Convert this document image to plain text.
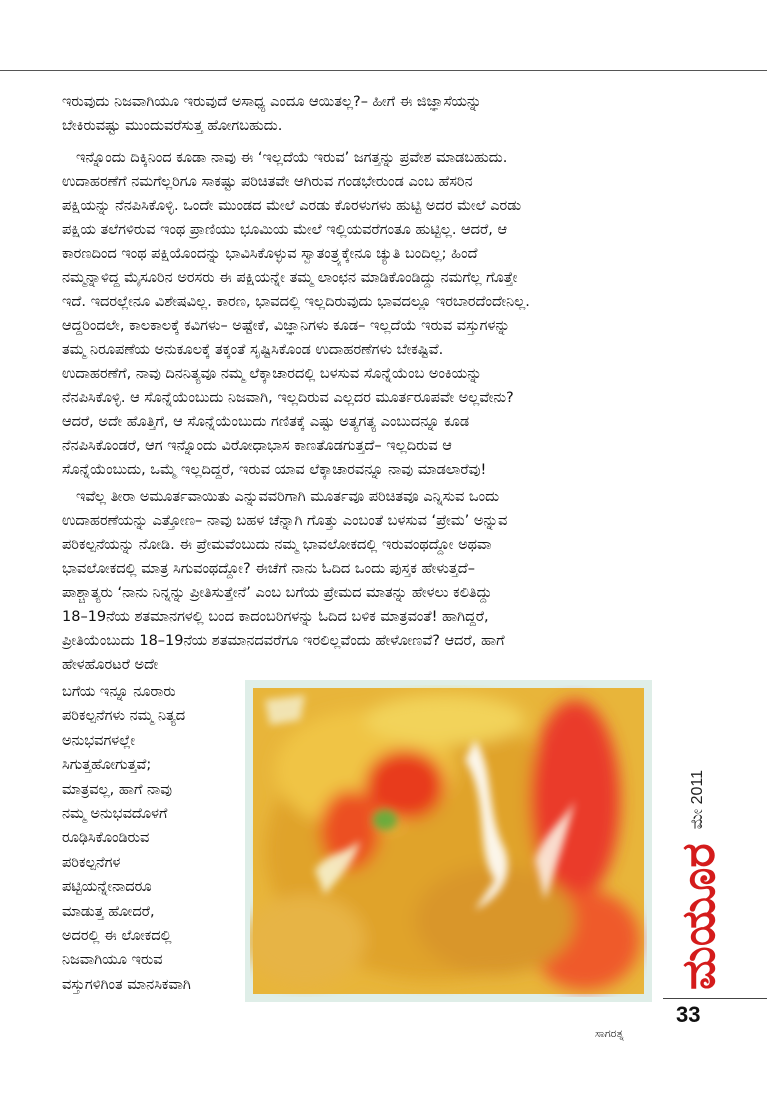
ಇರುವುದು ನಿಜವಾಗಿಯೂ ಇರುವುದೆ ಅಸಾಧ್ಯ ಎಂದೂ ಆಯಿತಲ್ಲ?– ಹೀಗೆ ಈ ಜಿಜ್ಞಾಸೆಯನ್ನು
ಬೇಕಿರುವಷ್ಟು ಮುಂದುವರೆಸುತ್ತ ಹೋಗಬಹುದು.
ಇನ್ನೊಂದು ದಿಕ್ಕಿನಿಂದ ಕೂಡಾ ನಾವು ಈ ‘ಇಲ್ಲದೆಯೆ ಇರುವ’ ಜಗತ್ತನ್ನು ಪ್ರವೇಶ ಮಾಡಬಹುದು.
ಉದಾಹರಣೆಗೆ ನಮಗೆಲ್ಲರಿಗೂ ಸಾಕಷ್ಟು ಪರಿಚಿತವೇ ಆಗಿರುವ ಗಂಡಭೇರುಂಡ ಎಂಬ ಹೆಸರಿನ
ಪಕ್ಷಿಯನ್ನು ನೆನಪಿಸಿಕೊಳ್ಳಿ. ಒಂದೇ ಮುಂಡದ ಮೇಲೆ ಎರಡು ಕೊರಳುಗಳು ಹುಟ್ಟಿ ಅದರ ಮೇಲೆ ಎರಡು
ಪಕ್ಷಿಯ ತಲೆಗಳಿರುವ ಇಂಥ ಪ್ರಾಣಿಯು ಭೂಮಿಯ ಮೇಲೆ ಇಲ್ಲಿಯವರೆಗಂತೂ ಹುಟ್ಟಿಲ್ಲ. ಆದರೆ, ಆ
ಕಾರಣದಿಂದ ಇಂಥ ಪಕ್ಷಿಯೊಂದನ್ನು ಭಾವಿಸಿಕೊಳ್ಳುವ ಸ್ವಾತಂತ್ರ್ಯಕ್ಕೇನೂ ಚ್ಯುತಿ ಬಂದಿಲ್ಲ; ಹಿಂದೆ
ನಮ್ಮನ್ನಾಳಿದ್ದ ಮೈಸೂರಿನ ಅರಸರು ಈ ಪಕ್ಷಿಯನ್ನೇ ತಮ್ಮ ಲಾಂಛನ ಮಾಡಿಕೊಂಡಿದ್ದು ನಮಗೆಲ್ಲ ಗೊತ್ತೇ
ಇದೆ. ಇದರಲ್ಲೇನೂ ವಿಶೇಷವಿಲ್ಲ. ಕಾರಣ, ಭಾವದಲ್ಲಿ ಇಲ್ಲದಿರುವುದು ಭಾವದಲ್ಲೂ ಇರಬಾರದೆಂದೇನಿಲ್ಲ.
ಆದ್ದರಿಂದಲೇ, ಕಾಲಕಾಲಕ್ಕೆ ಕವಿಗಳು– ಅಷ್ಟೇಕೆ, ವಿಜ್ಞಾನಿಗಳು ಕೂಡ– ಇಲ್ಲದೆಯೆ ಇರುವ ವಸ್ತುಗಳನ್ನು
ತಮ್ಮ ನಿರೂಪಣೆಯ ಅನುಕೂಲಕ್ಕೆ ತಕ್ಕಂತೆ ಸೃಷ್ಟಿಸಿಕೊಂಡ ಉದಾಹರಣೆಗಳು ಬೇಕಷ್ಟಿವೆ.
ಉದಾಹರಣೆಗೆ, ನಾವು ದಿನನಿತ್ಯವೂ ನಮ್ಮ ಲೆಕ್ಕಾಚಾರದಲ್ಲಿ ಬಳಸುವ ಸೊನ್ನೆಯೆಂಬ ಅಂಕಿಯನ್ನು
ನೆನಪಿಸಿಕೊಳ್ಳಿ. ಆ ಸೊನ್ನೆಯೆಂಬುದು ನಿಜವಾಗಿ, ಇಲ್ಲದಿರುವ ಎಲ್ಲದರ ಮೂರ್ತರೂಪವೇ ಅಲ್ಲವೇನು?
ಆದರೆ, ಅದೇ ಹೊತ್ತಿಗೆ, ಆ ಸೊನ್ನೆಯೆಂಬುದು ಗಣಿತಕ್ಕೆ ಎಷ್ಟು ಅತ್ಯಗತ್ಯ ಎಂಬುದನ್ನೂ ಕೂಡ
ನೆನಪಿಸಿಕೊಂಡರೆ, ಆಗ ಇನ್ನೊಂದು ವಿರೋಧಾಭಾಸ ಕಾಣತೊಡಗುತ್ತದೆ– ಇಲ್ಲದಿರುವ ಆ
ಸೊನ್ನೆಯೆಂಬುದು, ಒಮ್ಮೆ ಇಲ್ಲದಿದ್ದರೆ, ಇರುವ ಯಾವ ಲೆಕ್ಕಾಚಾರವನ್ನೂ ನಾವು ಮಾಡಲಾರೆವು!
ಇವೆಲ್ಲ ತೀರಾ ಅಮೂರ್ತವಾಯಿತು ಎನ್ನುವವರಿಗಾಗಿ ಮೂರ್ತವೂ ಪರಿಚಿತವೂ ಎನ್ನಿಸುವ ಒಂದು
ಉದಾಹರಣೆಯನ್ನು ಎತ್ತೋಣ– ನಾವು ಬಹಳ ಚೆನ್ನಾಗಿ ಗೊತ್ತು ಎಂಬಂತೆ ಬಳಸುವ ‘ಪ್ರೇಮ’ ಅನ್ನುವ
ಪರಿಕಲ್ಪನೆಯನ್ನು ನೋಡಿ. ಈ ಪ್ರೇಮವೆಂಬುದು ನಮ್ಮ ಭಾವಲೋಕದಲ್ಲಿ ಇರುವಂಥದ್ದೋ ಅಥವಾ
ಭಾವಲೋಕದಲ್ಲಿ ಮಾತ್ರ ಸಿಗುವಂಥದ್ದೋ? ಈಚೆಗೆ ನಾನು ಓದಿದ ಒಂದು ಪುಸ್ತಕ ಹೇಳುತ್ತದೆ–
ಪಾಶ್ಚಾತ್ಯರು ‘ನಾನು ನಿನ್ನನ್ನು ಪ್ರೀತಿಸುತ್ತೇನೆ’ ಎಂಬ ಬಗೆಯ ಪ್ರೇಮದ ಮಾತನ್ನು ಹೇಳಲು ಕಲಿತಿದ್ದು
18–19ನೆಯ ಶತಮಾನಗಳಲ್ಲಿ ಬಂದ ಕಾದಂಬರಿಗಳನ್ನು ಓದಿದ ಬಳಿಕ ಮಾತ್ರವಂತೆ! ಹಾಗಿದ್ದರೆ,
ಪ್ರೀತಿಯೆಂಬುದು 18–19ನೆಯ ಶತಮಾನದವರೆಗೂ ಇರಲಿಲ್ಲವೆಂದು ಹೇಳೋಣವೆ? ಆದರೆ, ಹಾಗೆ
ಹೇಳಹೊರಟರೆ ಅದೇ
ಬಗೆಯ ಇನ್ನೂ ನೂರಾರು
ಪರಿಕಲ್ಪನೆಗಳು ನಮ್ಮ ನಿತ್ಯದ
ಅನುಭವಗಳಲ್ಲೇ
ಸಿಗುತ್ತಹೋಗುತ್ತವೆ;
ಮಾತ್ರವಲ್ಲ, ಹಾಗೆ ನಾವು
ನಮ್ಮ ಅನುಭವದೊಳಗೆ
ರೂಢಿಸಿಕೊಂಡಿರುವ
ಪರಿಕಲ್ಪನೆಗಳ
ಪಟ್ಟಿಯನ್ನೇನಾದರೂ
ಮಾಡುತ್ತ ಹೋದರೆ,
ಅದರಲ್ಲಿ ಈ ಲೋಕದಲ್ಲಿ
ನಿಜವಾಗಿಯೂ ಇರುವ
ವಸ್ತುಗಳಿಗಿಂತ ಮಾನಸಿಕವಾಗಿ
ಸಾಗರತ್ನ
ಮಯೂರ
ಮೇ 2011
33
